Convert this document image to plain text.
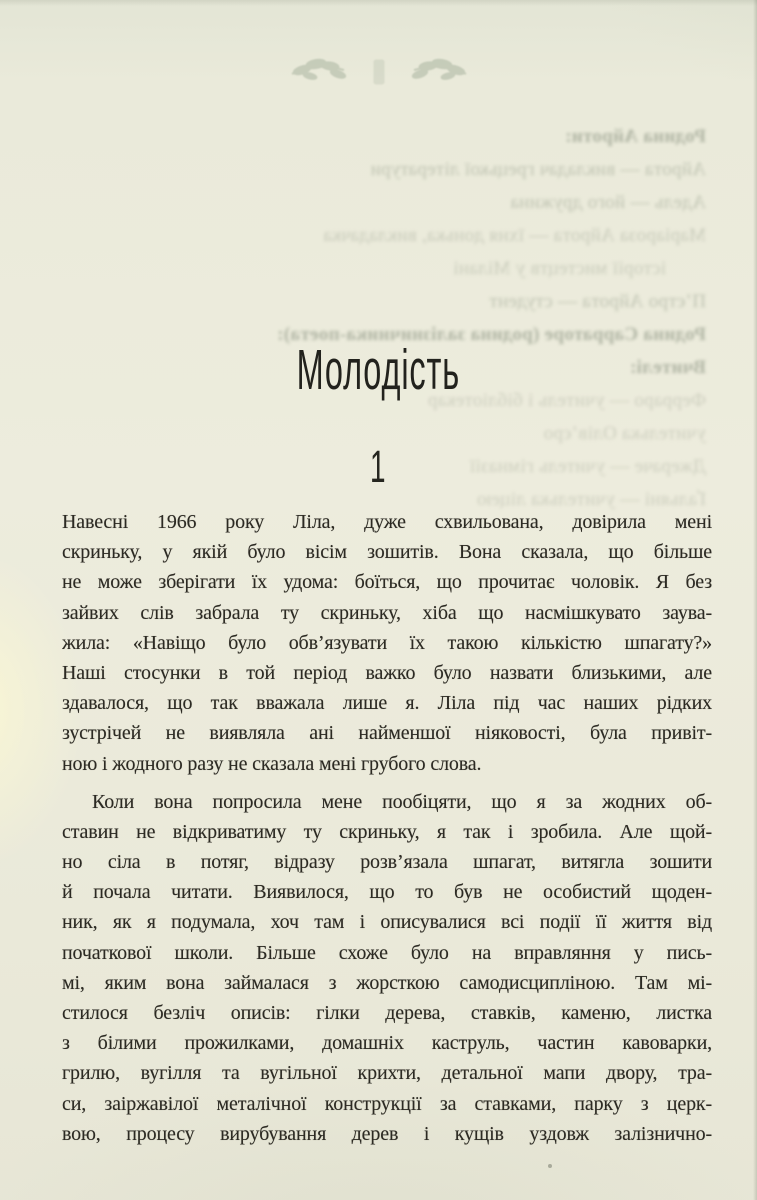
Родина Айроти:
Айрота — викладач грецької літератури
Адель — його дружина
Маріароза Айрота — їхня донька, викладачка
історії мистецтв у Мілані
П’єтро Айрота — студент
Родина Сарраторе (родина залізничника-поета):
Вчителі:
Ферраро — учитель і бібліотекар
учителька Олів’єро
Джераче — учитель гімназії
Ґальяні — учителька ліцею
Молодість
1
Навесні 1966 року Ліла, дуже схвильована, довірила мені
скриньку, у якій було вісім зошитів. Вона сказала, що більше
не може зберігати їх удома: боїться, що прочитає чоловік. Я без
зайвих слів забрала ту скриньку, хіба що насмішкувато заува-
жила: «Навіщо було обв’язувати їх такою кількістю шпагату?»
Наші стосунки в той період важко було назвати близькими, але
здавалося, що так вважала лише я. Ліла під час наших рідких
зустрічей не виявляла ані найменшої ніяковості, була привіт-
ною і жодного разу не сказала мені грубого слова.
Коли вона попросила мене пообіцяти, що я за жодних об-
ставин не відкриватиму ту скриньку, я так і зробила. Але щой-
но сіла в потяг, відразу розв’язала шпагат, витягла зошити
й почала читати. Виявилося, що то був не особистий щоден-
ник, як я подумала, хоч там і описувалися всі події її життя від
початкової школи. Більше схоже було на вправляння у пись-
мі, яким вона займалася з жорсткою самодисципліною. Там мі-
стилося безліч описів: гілки дерева, ставків, каменю, листка
з білими прожилками, домашніх каструль, частин кавоварки,
грилю, вугілля та вугільної крихти, детальної мапи двору, тра-
си, заіржавілої металічної конструкції за ставками, парку з церк-
вою, процесу вирубування дерев і кущів уздовж залізнично-
